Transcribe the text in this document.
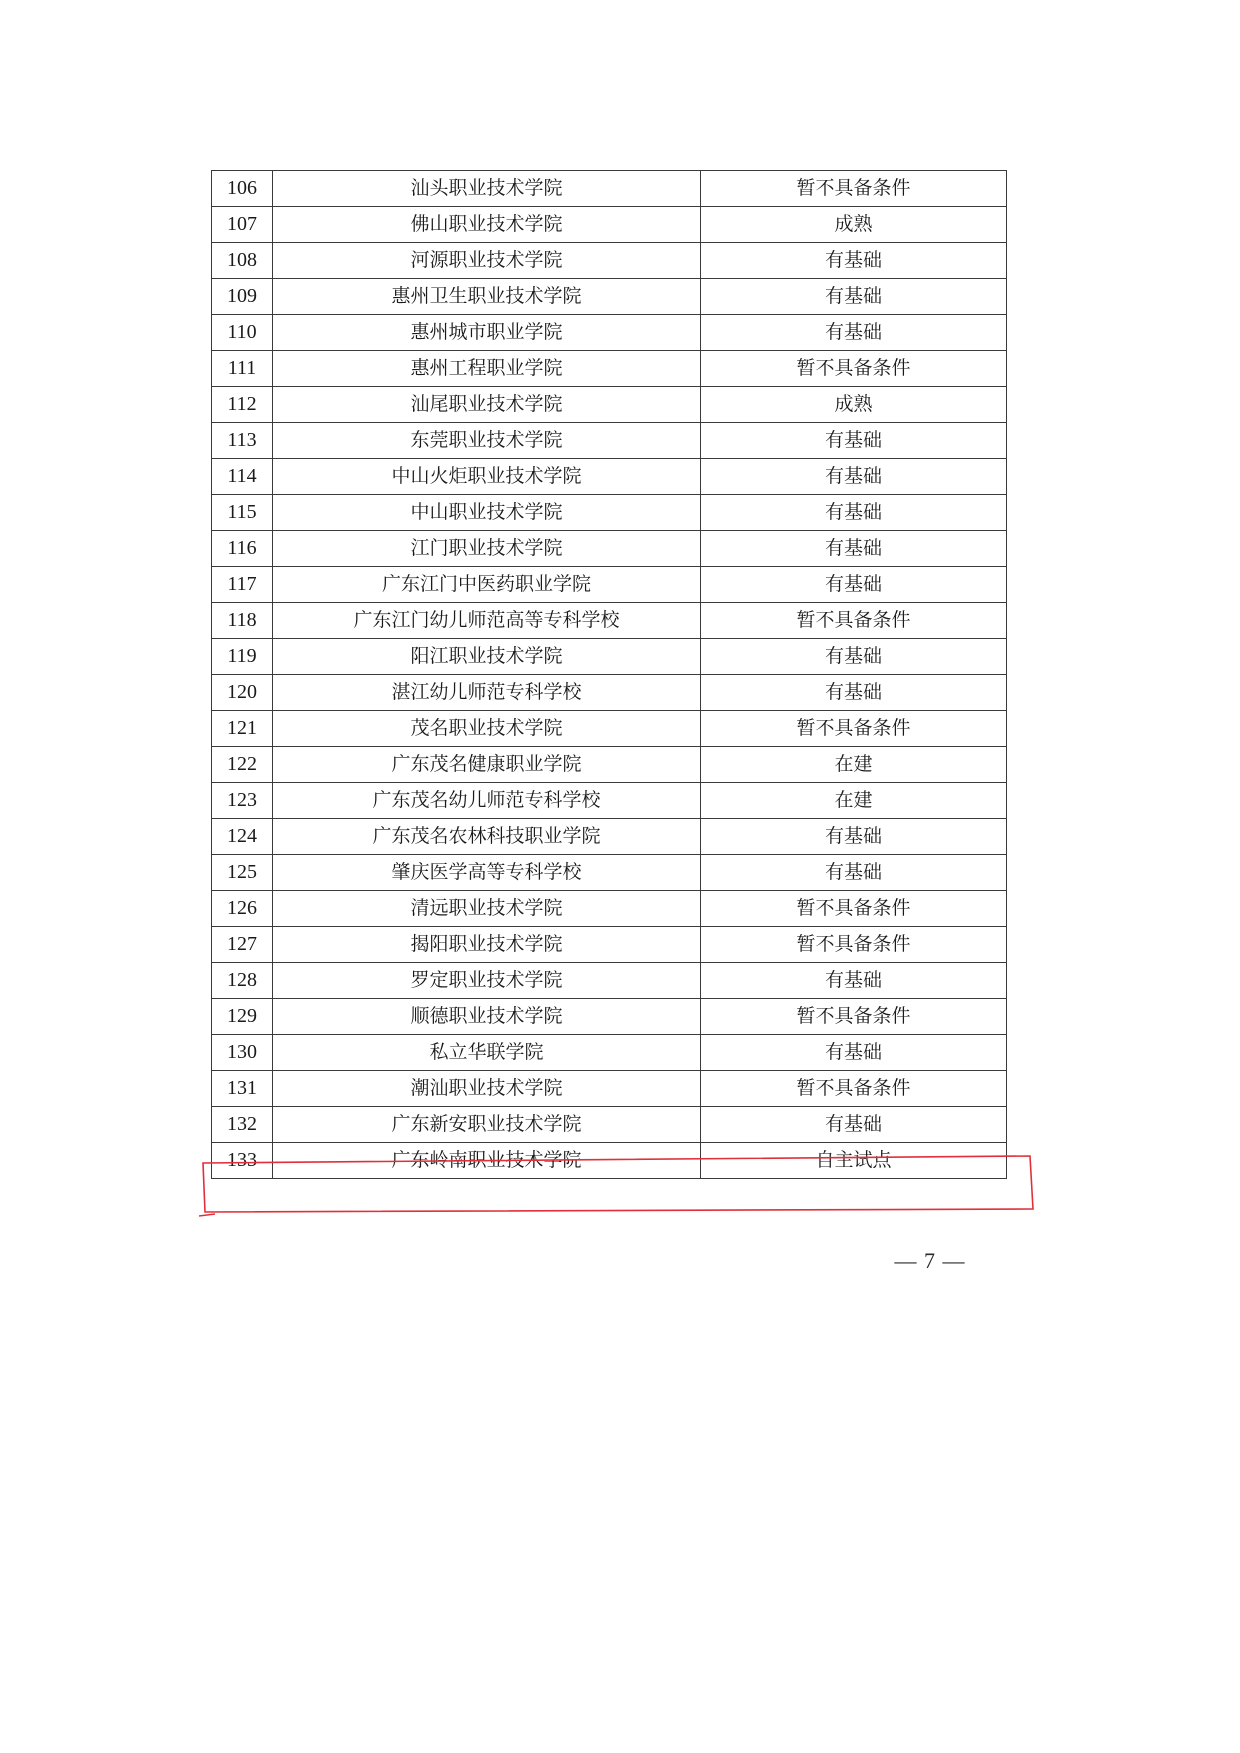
106	汕头职业技术学院	暂不具备条件
107	佛山职业技术学院	成熟
108	河源职业技术学院	有基础
109	惠州卫生职业技术学院	有基础
110	惠州城市职业学院	有基础
111	惠州工程职业学院	暂不具备条件
112	汕尾职业技术学院	成熟
113	东莞职业技术学院	有基础
114	中山火炬职业技术学院	有基础
115	中山职业技术学院	有基础
116	江门职业技术学院	有基础
117	广东江门中医药职业学院	有基础
118	广东江门幼儿师范高等专科学校	暂不具备条件
119	阳江职业技术学院	有基础
120	湛江幼儿师范专科学校	有基础
121	茂名职业技术学院	暂不具备条件
122	广东茂名健康职业学院	在建
123	广东茂名幼儿师范专科学校	在建
124	广东茂名农林科技职业学院	有基础
125	肇庆医学高等专科学校	有基础
126	清远职业技术学院	暂不具备条件
127	揭阳职业技术学院	暂不具备条件
128	罗定职业技术学院	有基础
129	顺德职业技术学院	暂不具备条件
130	私立华联学院	有基础
131	潮汕职业技术学院	暂不具备条件
132	广东新安职业技术学院	有基础
133	广东岭南职业技术学院	自主试点
— 7 —
